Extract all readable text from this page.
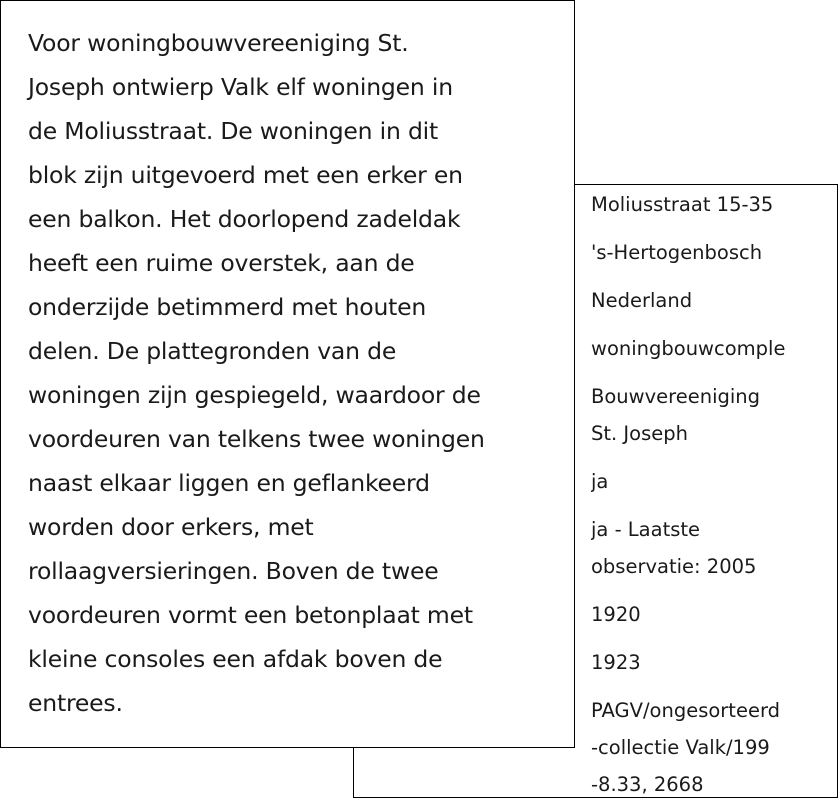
Moliusstraat 15-35
's-Hertogenbosch
Nederland
woningbouwcomple
Bouwvereeniging
St. Joseph
ja
ja - Laatste
observatie: 2005
1920
1923
PAGV/ongesorteerd
-collectie Valk/199
-8.33, 2668

Voor woningbouwvereeniging St.
Joseph ontwierp Valk elf woningen in
de Moliusstraat. De woningen in dit
blok zijn uitgevoerd met een erker en
een balkon. Het doorlopend zadeldak
heeft een ruime overstek, aan de
onderzijde betimmerd met houten
delen. De plattegronden van de
woningen zijn gespiegeld, waardoor de
voordeuren van telkens twee woningen
naast elkaar liggen en geflankeerd
worden door erkers, met
rollaagversieringen. Boven de twee
voordeuren vormt een betonplaat met
kleine consoles een afdak boven de
entrees.
